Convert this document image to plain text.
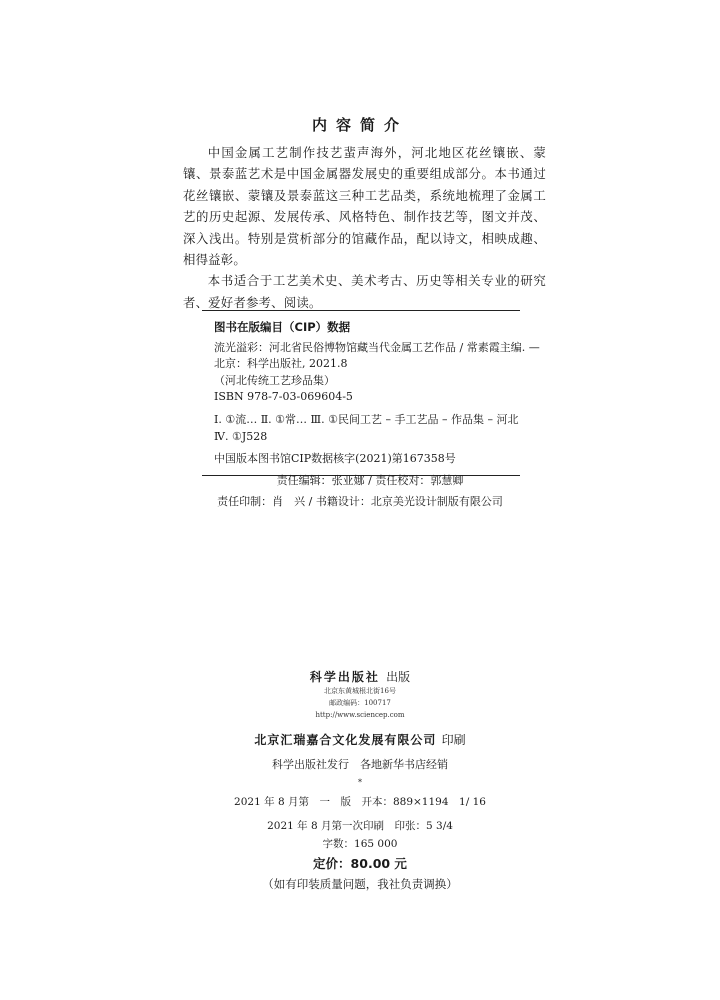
内容简介

中国金属工艺制作技艺蜚声海外，河北地区花丝镶嵌、蒙镶、景泰蓝艺术是中国金属器发展史的重要组成部分。本书通过花丝镶嵌、蒙镶及景泰蓝这三种工艺品类，系统地梳理了金属工艺的历史起源、发展传承、风格特色、制作技艺等，图文并茂、深入浅出。特别是赏析部分的馆藏作品，配以诗文，相映成趣、相得益彰。

本书适合于工艺美术史、美术考古、历史等相关专业的研究者、爱好者参考、阅读。

图书在版编目（CIP）数据
流光溢彩：河北省民俗博物馆藏当代金属工艺作品 / 常素霞主编. —
北京：科学出版社, 2021.8
（河北传统工艺珍品集）
ISBN 978-7-03-069604-5
Ⅰ. ①流… Ⅱ. ①常… Ⅲ. ①民间工艺 – 手工艺品 – 作品集 – 河北
Ⅳ. ①J528
中国版本图书馆CIP数据核字(2021)第167358号
责任编辑：张亚娜 / 责任校对：郭慧卿
责任印制：肖　兴 / 书籍设计：北京美光设计制版有限公司
科学出版社 出版
北京东黄城根北街16号
邮政编码：100717
http://www.sciencep.com
北京汇瑞嘉合文化发展有限公司 印刷
科学出版社发行　各地新华书店经销
*
2021 年 8 月第　一　版　开本：889×1194　1/ 16
2021 年 8 月第一次印刷　印张：5 3/4
字数：165 000
定价：80.00 元
（如有印装质量问题，我社负责调换）
